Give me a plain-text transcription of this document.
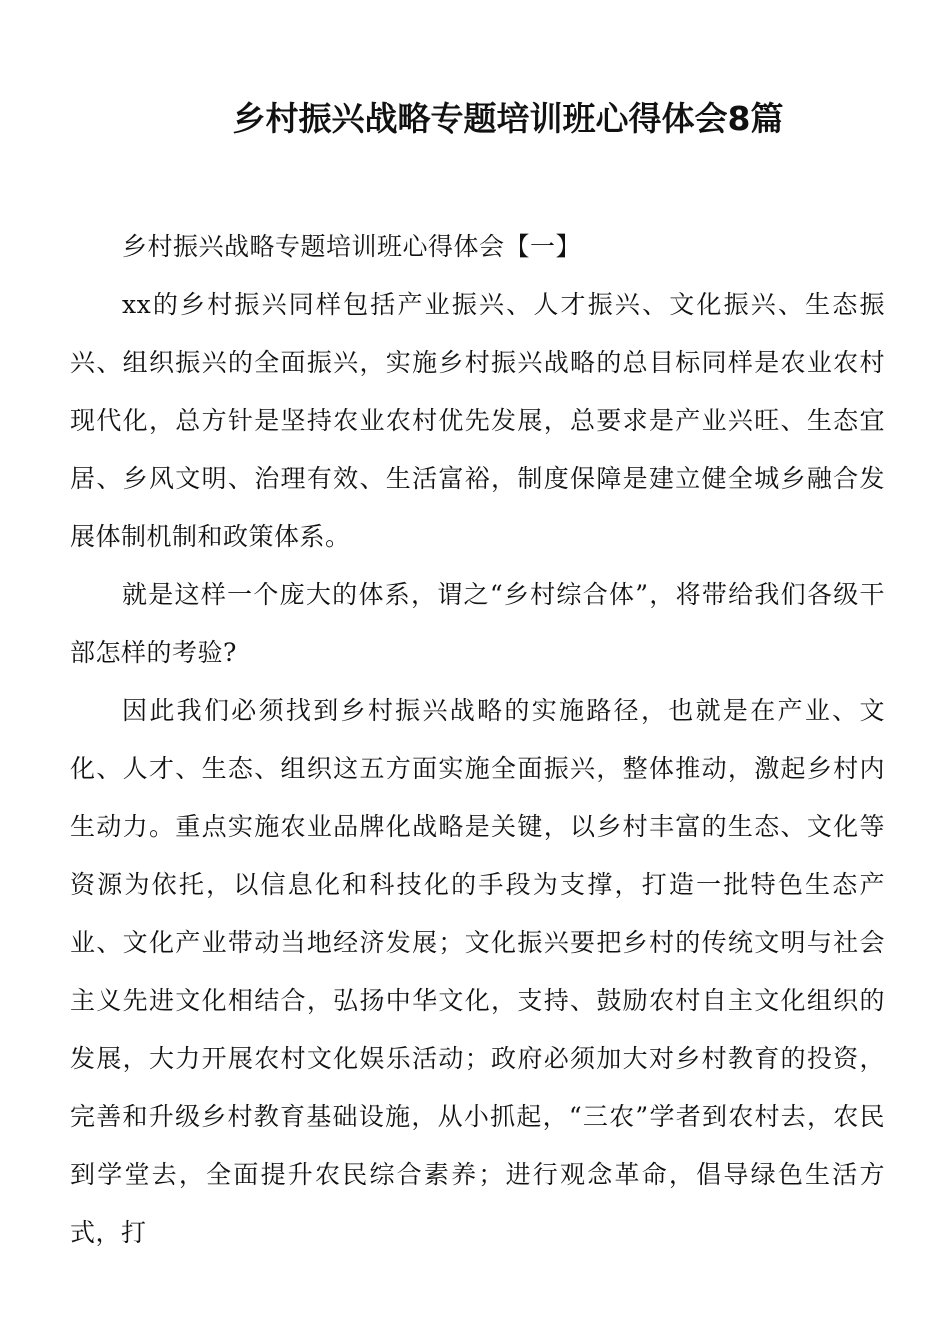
乡村振兴战略专题培训班心得体会8篇

乡村振兴战略专题培训班心得体会【一】

xx的乡村振兴同样包括产业振兴、人才振兴、文化振兴、生态振兴、组织振兴的全面振兴，实施乡村振兴战略的总目标同样是农业农村现代化，总方针是坚持农业农村优先发展，总要求是产业兴旺、生态宜居、乡风文明、治理有效、生活富裕，制度保障是建立健全城乡融合发展体制机制和政策体系。

就是这样一个庞大的体系，谓之“乡村综合体”，将带给我们各级干部怎样的考验?

因此我们必须找到乡村振兴战略的实施路径，也就是在产业、文化、人才、生态、组织这五方面实施全面振兴，整体推动，激起乡村内生动力。重点实施农业品牌化战略是关键，以乡村丰富的生态、文化等资源为依托，以信息化和科技化的手段为支撑，打造一批特色生态产业、文化产业带动当地经济发展；文化振兴要把乡村的传统文明与社会主义先进文化相结合，弘扬中华文化，支持、鼓励农村自主文化组织的发展，大力开展农村文化娱乐活动；政府必须加大对乡村教育的投资，完善和升级乡村教育基础设施，从小抓起，“三农”学者到农村去，农民到学堂去，全面提升农民综合素养；进行观念革命，倡导绿色生活方式，打
